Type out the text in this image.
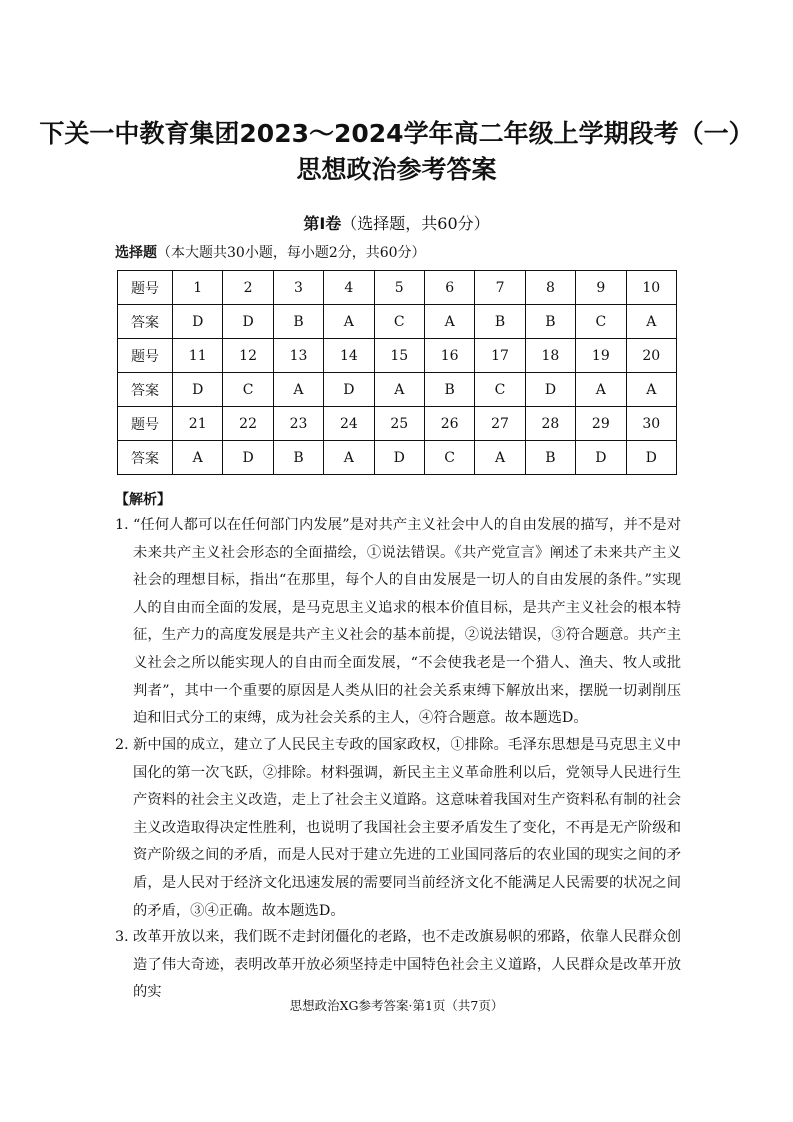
下关一中教育集团2023～2024学年高二年级上学期段考（一）
思想政治参考答案

第Ⅰ卷（选择题，共60分）

选择题（本大题共30小题，每小题2分，共60分）

题号	1	2	3	4	5	6	7	8	9	10
答案	D	D	B	A	C	A	B	B	C	A
题号	11	12	13	14	15	16	17	18	19	20
答案	D	C	A	D	A	B	C	D	A	A
题号	21	22	23	24	25	26	27	28	29	30
答案	A	D	B	A	D	C	A	B	D	D

【解析】

1．
“任何人都可以在任何部门内发展”是对共产主义社会中人的自由发展的描写，并不是对未来共产主义社会形态的全面描绘，①说法错误。《共产党宣言》阐述了未来共产主义社会的理想目标，指出“在那里，每个人的自由发展是一切人的自由发展的条件。”实现人的自由而全面的发展，是马克思主义追求的根本价值目标，是共产主义社会的根本特征，生产力的高度发展是共产主义社会的基本前提，②说法错误，③符合题意。共产主义社会之所以能实现人的自由而全面发展，“不会使我老是一个猎人、渔夫、牧人或批判者”，其中一个重要的原因是人类从旧的社会关系束缚下解放出来，摆脱一切剥削压迫和旧式分工的束缚，成为社会关系的主人，④符合题意。故本题选D。
2．
新中国的成立，建立了人民民主专政的国家政权，①排除。毛泽东思想是马克思主义中国化的第一次飞跃，②排除。材料强调，新民主主义革命胜利以后，党领导人民进行生产资料的社会主义改造，走上了社会主义道路。这意味着我国对生产资料私有制的社会主义改造取得决定性胜利，也说明了我国社会主要矛盾发生了变化，不再是无产阶级和资产阶级之间的矛盾，而是人民对于建立先进的工业国同落后的农业国的现实之间的矛盾，是人民对于经济文化迅速发展的需要同当前经济文化不能满足人民需要的状况之间的矛盾，③④正确。故本题选D。
3．
改革开放以来，我们既不走封闭僵化的老路，也不走改旗易帜的邪路，依靠人民群众创造了伟大奇迹，表明改革开放必须坚持走中国特色社会主义道路，人民群众是改革开放的实

思想政治XG参考答案·第1页（共7页）
